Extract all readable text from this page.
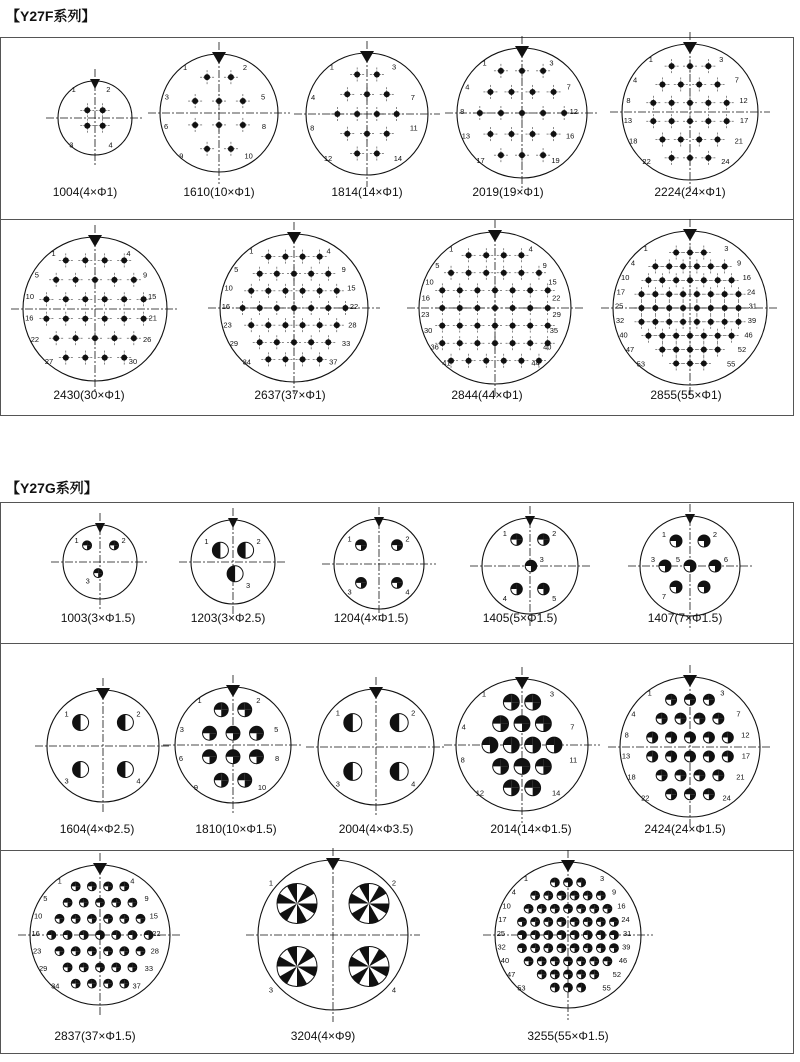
【Y27F系列】
【Y27G系列】
1	2
3	4
1004(4×Φ1)
1	2
3	5
6	8
9	10
1610(10×Φ1)
1	3
4	7
8	11
12	14
1814(14×Φ1)
1	3
4	7
8	12
13	16
17	19
2019(19×Φ1)
1	3
4	7
8	12
13	17
18	21
22	24
2224(24×Φ1)
1	4
5	9
10	15
16	21
22	26
27	30
2430(30×Φ1)
1	4
5	9
10	15
16	22
23	28
29	33
34	37
2637(37×Φ1)
1	4
5	9
10	15
16	22
23	29
30	35
36	40
41	44
2844(44×Φ1)
1	3
4	9
10	16
17	24
25	31
32	39
40	46
47	52
53	55
2855(55×Φ1)
1	2
3
1003(3×Φ1.5)
1	2
3
1203(3×Φ2.5)
1	2
3	4
1204(4×Φ1.5)
1	2
3
4	5
1405(5×Φ1.5)
1	2
3	5	6
7
1407(7×Φ1.5)
1	2
3	4
1604(4×Φ2.5)
1	2
3	5
6	8
9	10
1810(10×Φ1.5)
1	2
3	4
2004(4×Φ3.5)
1	3
4	7
8	11
12	14
2014(14×Φ1.5)
1	3
4	7
8	12
13	17
18	21
22	24
2424(24×Φ1.5)
1	4
5	9
10	15
16	22
23	28
29	33
34	37
2837(37×Φ1.5)
1	2
3	4
3204(4×Φ9)
1	3
4	9
10	16
17	24
25	31
32	39
40	46
47	52
53	55
3255(55×Φ1.5)
